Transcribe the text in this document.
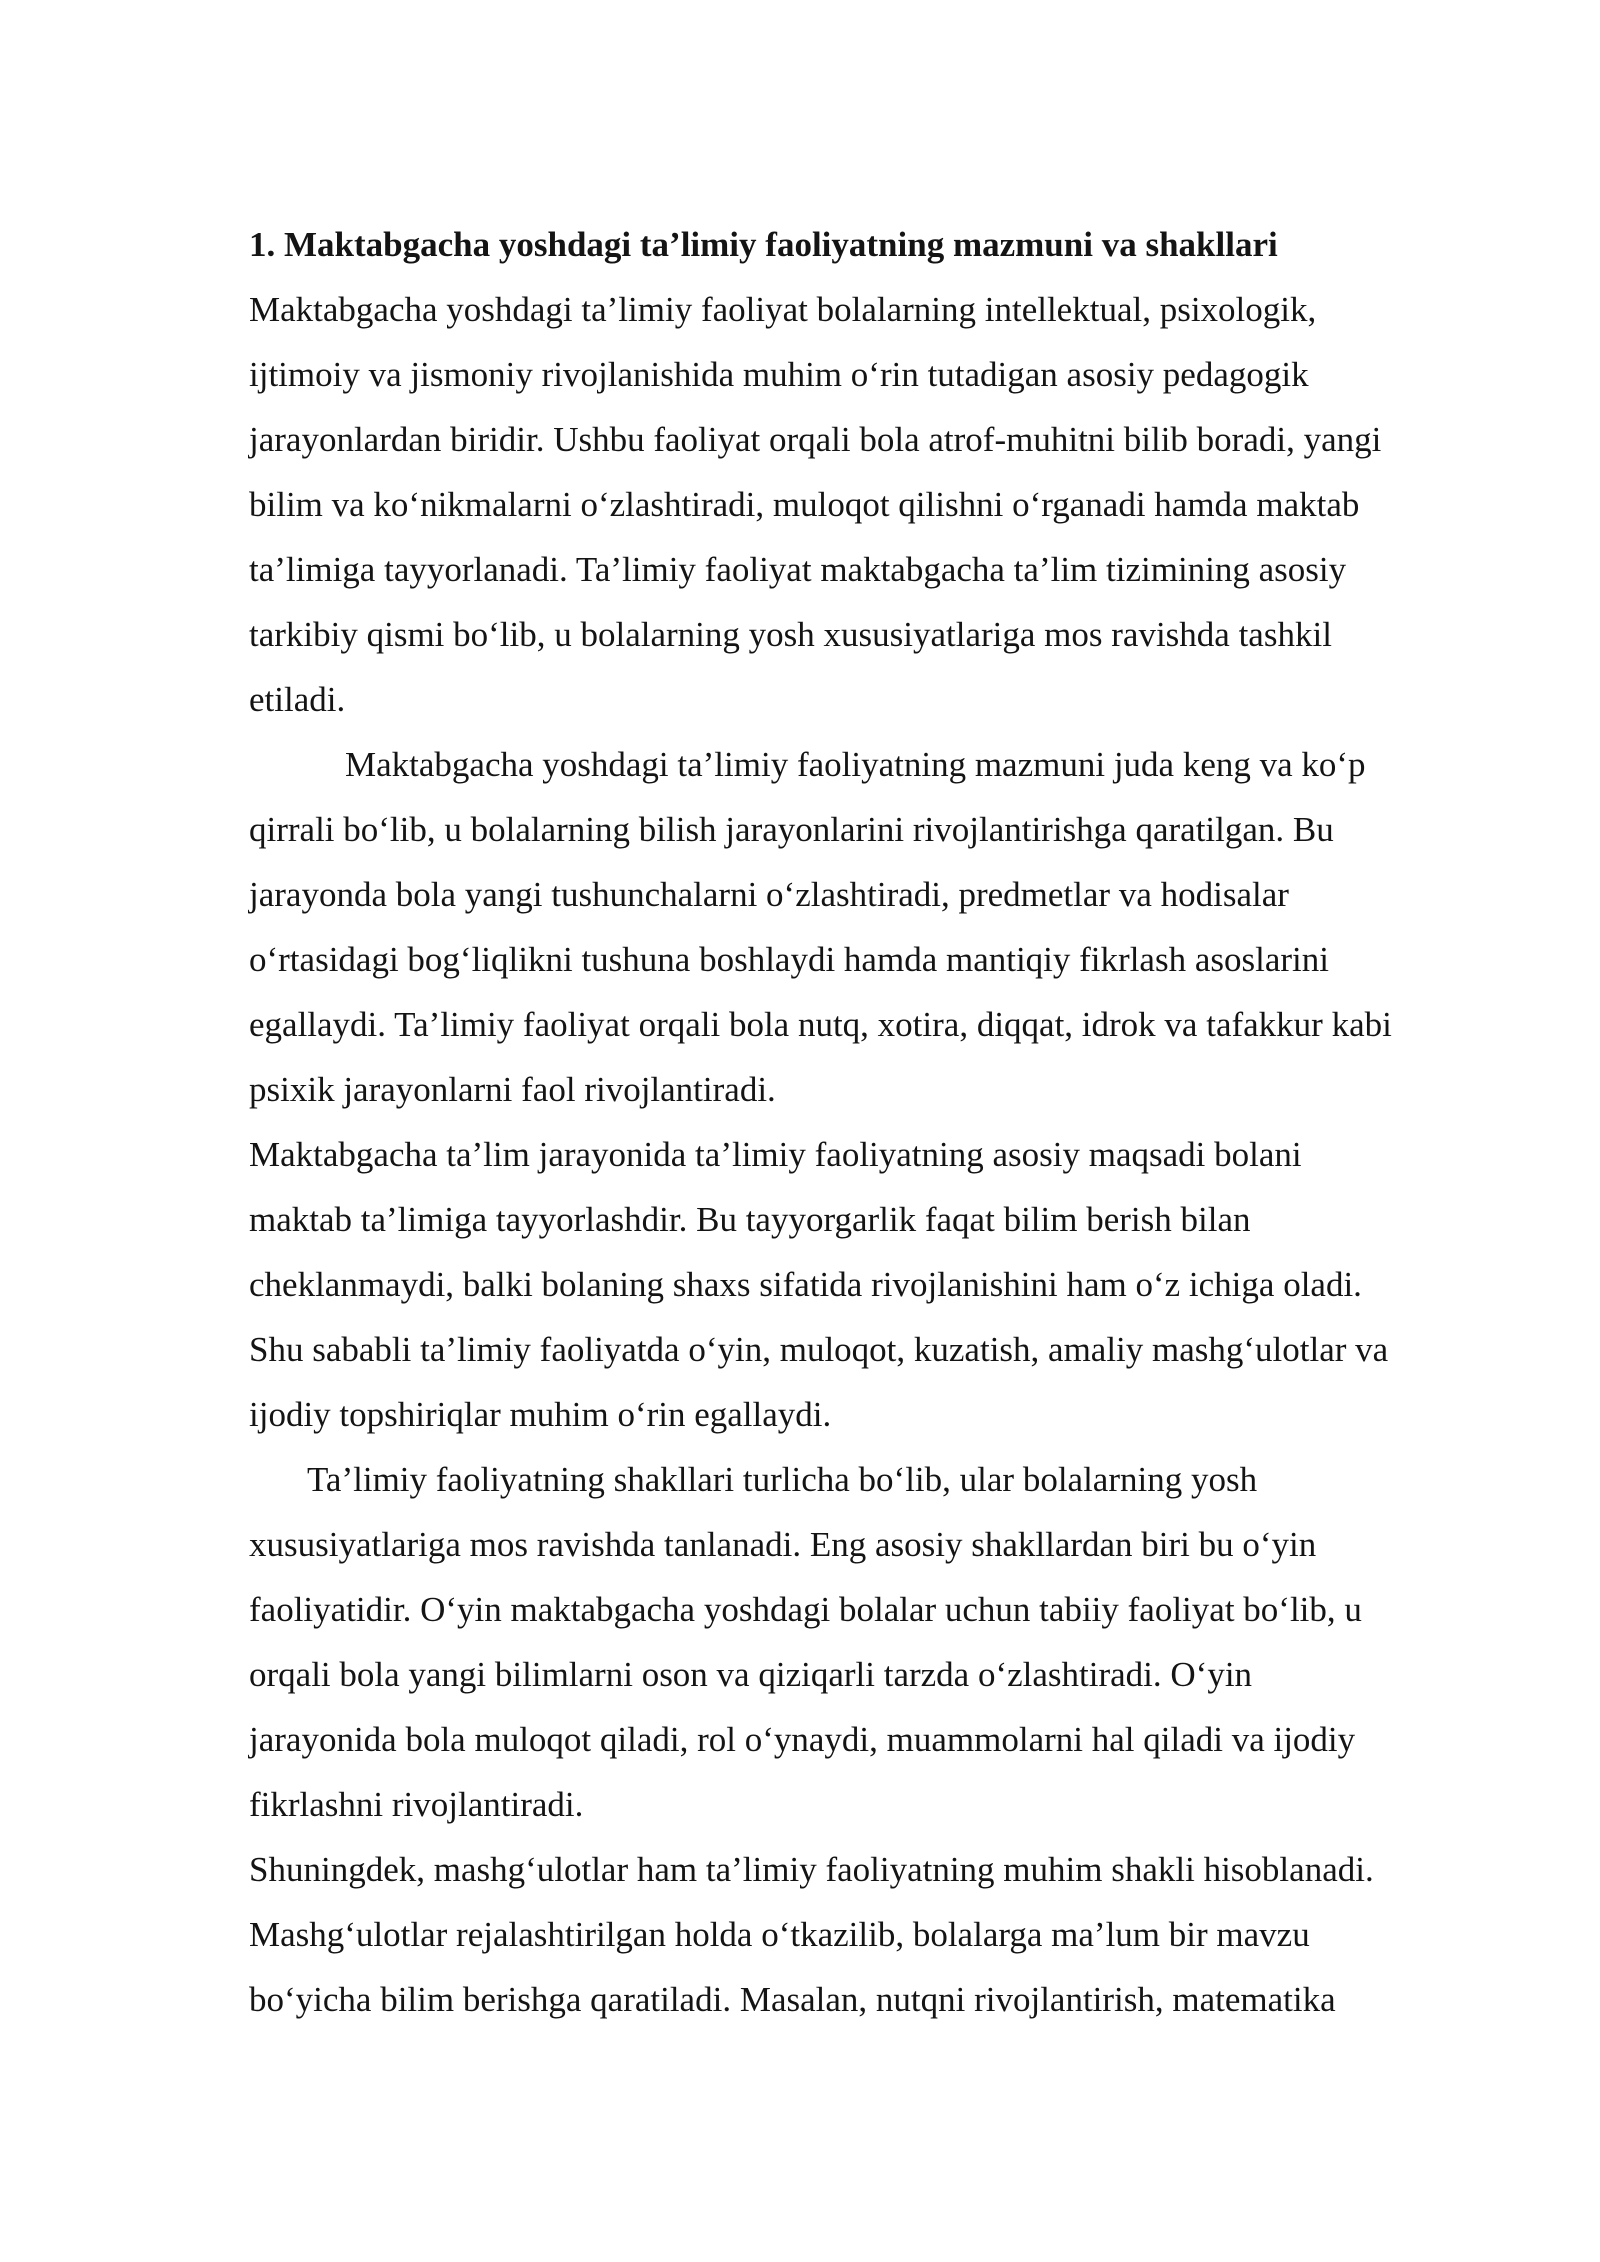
1. Maktabgacha yoshdagi ta’limiy faoliyatning mazmuni va shakllari
Maktabgacha yoshdagi ta’limiy faoliyat bolalarning intellektual, psixologik,
ijtimoiy va jismoniy rivojlanishida muhim o‘rin tutadigan asosiy pedagogik
jarayonlardan biridir. Ushbu faoliyat orqali bola atrof-muhitni bilib boradi, yangi
bilim va ko‘nikmalarni o‘zlashtiradi, muloqot qilishni o‘rganadi hamda maktab
ta’limiga tayyorlanadi. Ta’limiy faoliyat maktabgacha ta’lim tizimining asosiy
tarkibiy qismi bo‘lib, u bolalarning yosh xususiyatlariga mos ravishda tashkil
etiladi.
Maktabgacha yoshdagi ta’limiy faoliyatning mazmuni juda keng va ko‘p
qirrali bo‘lib, u bolalarning bilish jarayonlarini rivojlantirishga qaratilgan. Bu
jarayonda bola yangi tushunchalarni o‘zlashtiradi, predmetlar va hodisalar
o‘rtasidagi bog‘liqlikni tushuna boshlaydi hamda mantiqiy fikrlash asoslarini
egallaydi. Ta’limiy faoliyat orqali bola nutq, xotira, diqqat, idrok va tafakkur kabi
psixik jarayonlarni faol rivojlantiradi.
Maktabgacha ta’lim jarayonida ta’limiy faoliyatning asosiy maqsadi bolani
maktab ta’limiga tayyorlashdir. Bu tayyorgarlik faqat bilim berish bilan
cheklanmaydi, balki bolaning shaxs sifatida rivojlanishini ham o‘z ichiga oladi.
Shu sababli ta’limiy faoliyatda o‘yin, muloqot, kuzatish, amaliy mashg‘ulotlar va
ijodiy topshiriqlar muhim o‘rin egallaydi.
Ta’limiy faoliyatning shakllari turlicha bo‘lib, ular bolalarning yosh
xususiyatlariga mos ravishda tanlanadi. Eng asosiy shakllardan biri bu o‘yin
faoliyatidir. O‘yin maktabgacha yoshdagi bolalar uchun tabiiy faoliyat bo‘lib, u
orqali bola yangi bilimlarni oson va qiziqarli tarzda o‘zlashtiradi. O‘yin
jarayonida bola muloqot qiladi, rol o‘ynaydi, muammolarni hal qiladi va ijodiy
fikrlashni rivojlantiradi.
Shuningdek, mashg‘ulotlar ham ta’limiy faoliyatning muhim shakli hisoblanadi.
Mashg‘ulotlar rejalashtirilgan holda o‘tkazilib, bolalarga ma’lum bir mavzu
bo‘yicha bilim berishga qaratiladi. Masalan, nutqni rivojlantirish, matematika
